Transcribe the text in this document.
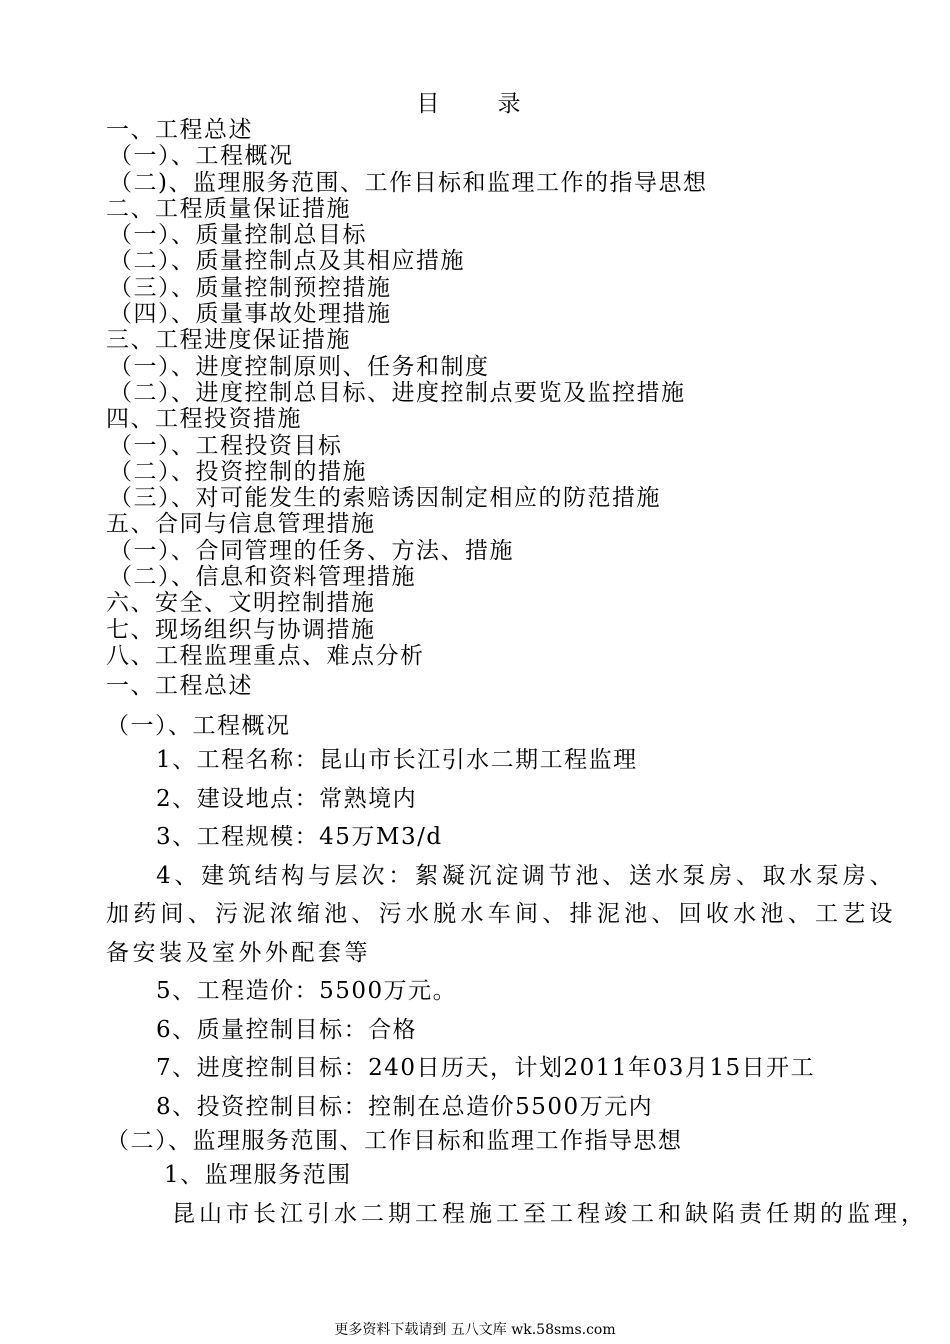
目录
一、工程总述
（一）、工程概况
（二)、监理服务范围、工作目标和监理工作的指导思想
二、工程质量保证措施
（一）、质量控制总目标
（二）、质量控制点及其相应措施
（三）、质量控制预控措施
（四）、质量事故处理措施
三、工程进度保证措施
（一）、进度控制原则、任务和制度
（二）、进度控制总目标、进度控制点要览及监控措施
四、工程投资措施
（一）、工程投资目标
（二）、投资控制的措施
（三）、对可能发生的索赔诱因制定相应的防范措施
五、合同与信息管理措施
（一）、合同管理的任务、方法、措施
（二）、信息和资料管理措施
六、安全、文明控制措施
七、现场组织与协调措施
八、工程监理重点、难点分析
一、工程总述
（一）、工程概况
1、工程名称：昆山市长江引水二期工程监理
2、建设地点：常熟境内
3、工程规模：45万M3/d
4、建筑结构与层次：絮凝沉淀调节池、送水泵房、取水泵房、加药间、污泥浓缩池、污水脱水车间、排泥池、回收水池、工艺设备安装及室外外配套等
5、工程造价：5500万元。
6、质量控制目标：合格
7、进度控制目标：240日历天，计划2011年03月15日开工
8、投资控制目标：控制在总造价5500万元内
（二）、监理服务范围、工作目标和监理工作指导思想
1、监理服务范围
昆山市长江引水二期工程施工至工程竣工和缺陷责任期的监理，
更多资料下载请到 五八文库 wk.58sms.com
